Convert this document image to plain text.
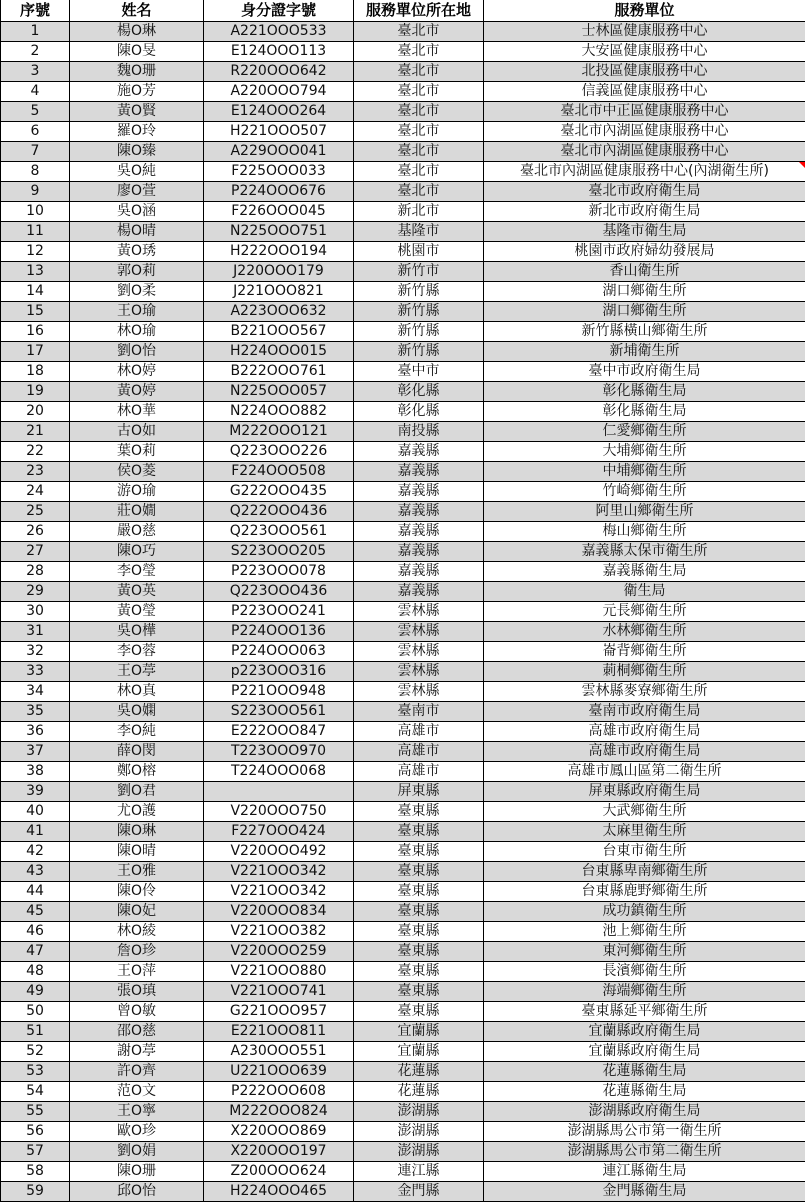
序號	姓名	身分證字號	服務單位所在地	服務單位
1	楊O琳	A221OOO533	臺北市	士林區健康服務中心
2	陳O旻	E124OOO113	臺北市	大安區健康服務中心
3	魏O珊	R220OOO642	臺北市	北投區健康服務中心
4	施O芳	A220OOO794	臺北市	信義區健康服務中心
5	黃O賢	E124OOO264	臺北市	臺北市中正區健康服務中心
6	羅O玲	H221OOO507	臺北市	臺北市內湖區健康服務中心
7	陳O臻	A229OOO041	臺北市	臺北市內湖區健康服務中心
8	吳O純	F225OOO033	臺北市	臺北市內湖區健康服務中心(內湖衛生所)

9	廖O萱	P224OOO676	臺北市	臺北市政府衛生局
10	吳O涵	F226OOO045	新北市	新北市政府衛生局
11	楊O晴	N225OOO751	基隆市	基隆市衛生局
12	黃O琇	H222OOO194	桃園市	桃園市政府婦幼發展局
13	郭O莉	J220OOO179	新竹市	香山衛生所
14	劉O柔	J221OOO821	新竹縣	湖口鄉衛生所
15	王O瑜	A223OOO632	新竹縣	湖口鄉衛生所
16	林O瑜	B221OOO567	新竹縣	新竹縣橫山鄉衛生所
17	劉O怡	H224OOO015	新竹縣	新埔衛生所
18	林O婷	B222OOO761	臺中市	臺中市政府衛生局
19	黃O婷	N225OOO057	彰化縣	彰化縣衛生局
20	林O華	N224OOO882	彰化縣	彰化縣衛生局
21	古O如	M222OOO121	南投縣	仁愛鄉衛生所
22	葉O莉	Q223OOO226	嘉義縣	大埔鄉衛生所
23	侯O菱	F224OOO508	嘉義縣	中埔鄉衛生所
24	游O瑜	G222OOO435	嘉義縣	竹崎鄉衛生所
25	莊O嫺	Q222OOO436	嘉義縣	阿里山鄉衛生所
26	嚴O慈	Q223OOO561	嘉義縣	梅山鄉衛生所
27	陳O巧	S223OOO205	嘉義縣	嘉義縣太保市衛生所
28	李O瑩	P223OOO078	嘉義縣	嘉義縣衛生局
29	黃O英	Q223OOO436	嘉義縣	衛生局
30	黃O瑩	P223OOO241	雲林縣	元長鄉衛生所
31	吳O樺	P224OOO136	雲林縣	水林鄉衛生所
32	李O蓉	P224OOO063	雲林縣	崙背鄉衛生所
33	王O葶	p223OOO316	雲林縣	莿桐鄉衛生所
34	林O真	P221OOO948	雲林縣	雲林縣麥寮鄉衛生所
35	吳O嫻	S223OOO561	臺南市	臺南市政府衛生局
36	李O純	E222OOO847	高雄市	高雄市政府衛生局
37	薛O閔	T223OOO970	高雄市	高雄市政府衛生局
38	鄭O榕	T224OOO068	高雄市	高雄市鳳山區第二衛生所
39	劉O君		屏東縣	屏東縣政府衛生局
40	尤O護	V220OOO750	臺東縣	大武鄉衛生所
41	陳O琳	F227OOO424	臺東縣	太麻里衛生所
42	陳O晴	V220OOO492	臺東縣	台東市衛生所
43	王O雅	V221OOO342	臺東縣	台東縣卑南鄉衛生所
44	陳O伶	V221OOO342	臺東縣	台東縣鹿野鄉衛生所
45	陳O妃	V220OOO834	臺東縣	成功鎮衛生所
46	林O綾	V221OOO382	臺東縣	池上鄉衛生所
47	詹O珍	V220OOO259	臺東縣	東河鄉衛生所
48	王O萍	V221OOO880	臺東縣	長濱鄉衛生所
49	張O瑱	V221OOO741	臺東縣	海端鄉衛生所
50	曾O敏	G221OOO957	臺東縣	臺東縣延平鄉衛生所
51	邵O慈	E221OOO811	宜蘭縣	宜蘭縣政府衛生局
52	謝O葶	A230OOO551	宜蘭縣	宜蘭縣政府衛生局
53	許O齊	U221OOO639	花蓮縣	花蓮縣衛生局
54	范O文	P222OOO608	花蓮縣	花蓮縣衛生局
55	王O寧	M222OOO824	澎湖縣	澎湖縣政府衛生局
56	歐O珍	X220OOO869	澎湖縣	澎湖縣馬公市第一衛生所
57	劉O娟	X220OOO197	澎湖縣	澎湖縣馬公市第二衛生所
58	陳O珊	Z200OOO624	連江縣	連江縣衛生局
59	邱O怡	H224OOO465	金門縣	金門縣衛生局
